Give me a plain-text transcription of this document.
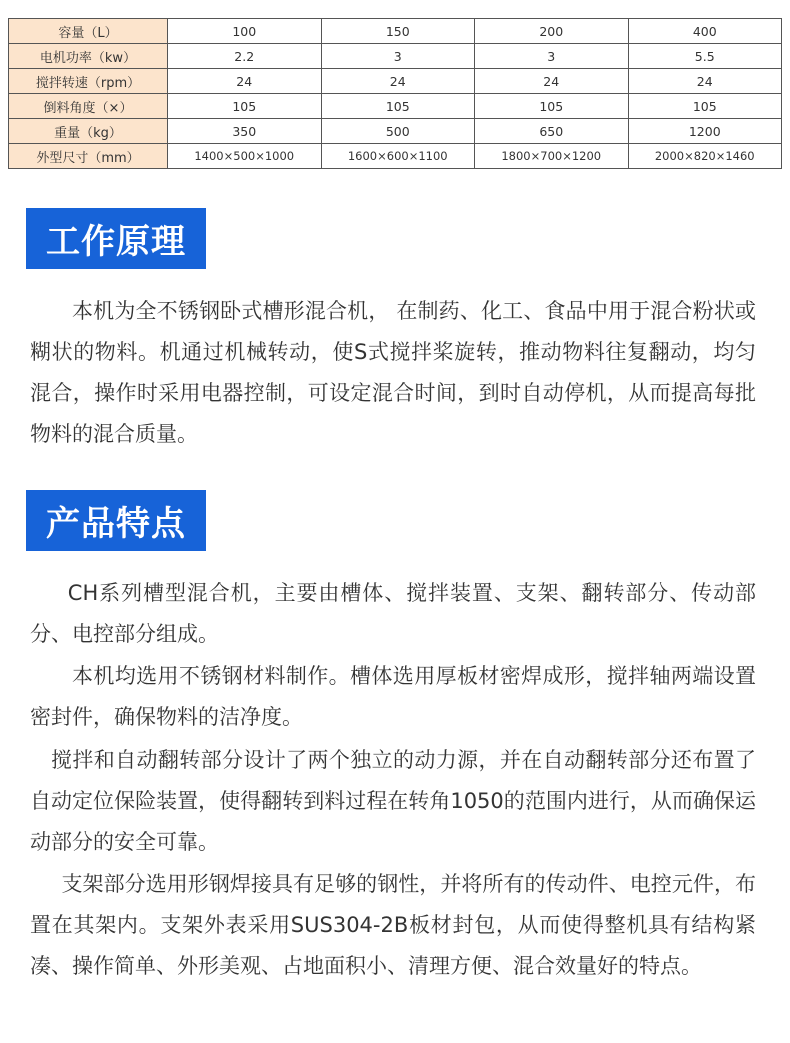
容量（L）	100	150	200	400
电机功率（kw）	2.2	3	3	5.5
搅拌转速（rpm）	24	24	24	24
倒料角度（×）	105	105	105	105
重量（kg）	350	500	650	1200
外型尺寸（mm）	1400×500×1000	1600×600×1100	1800×700×1200	2000×820×1460
工作原理

本机为全不锈钢卧式槽形混合机， 在制药、化工、食品中用于混合粉状或糊状的物料。机通过机械转动，使S式搅拌桨旋转，推动物料往复翻动，均匀混合，操作时采用电器控制，可设定混合时间，到时自动停机，从而提高每批物料的混合质量。

产品特点

CH系列槽型混合机，主要由槽体、搅拌装置、支架、翻转部分、传动部分、电控部分组成。

本机均选用不锈钢材料制作。槽体选用厚板材密焊成形，搅拌轴两端设置密封件，确保物料的洁净度。

搅拌和自动翻转部分设计了两个独立的动力源，并在自动翻转部分还布置了自动定位保险装置，使得翻转到料过程在转角1050的范围内进行，从而确保运动部分的安全可靠。

支架部分选用形钢焊接具有足够的钢性，并将所有的传动件、电控元件，布置在其架内。支架外表采用SUS304-2B板材封包，从而使得整机具有结构紧凑、操作简单、外形美观、占地面积小、清理方便、混合效量好的特点。
